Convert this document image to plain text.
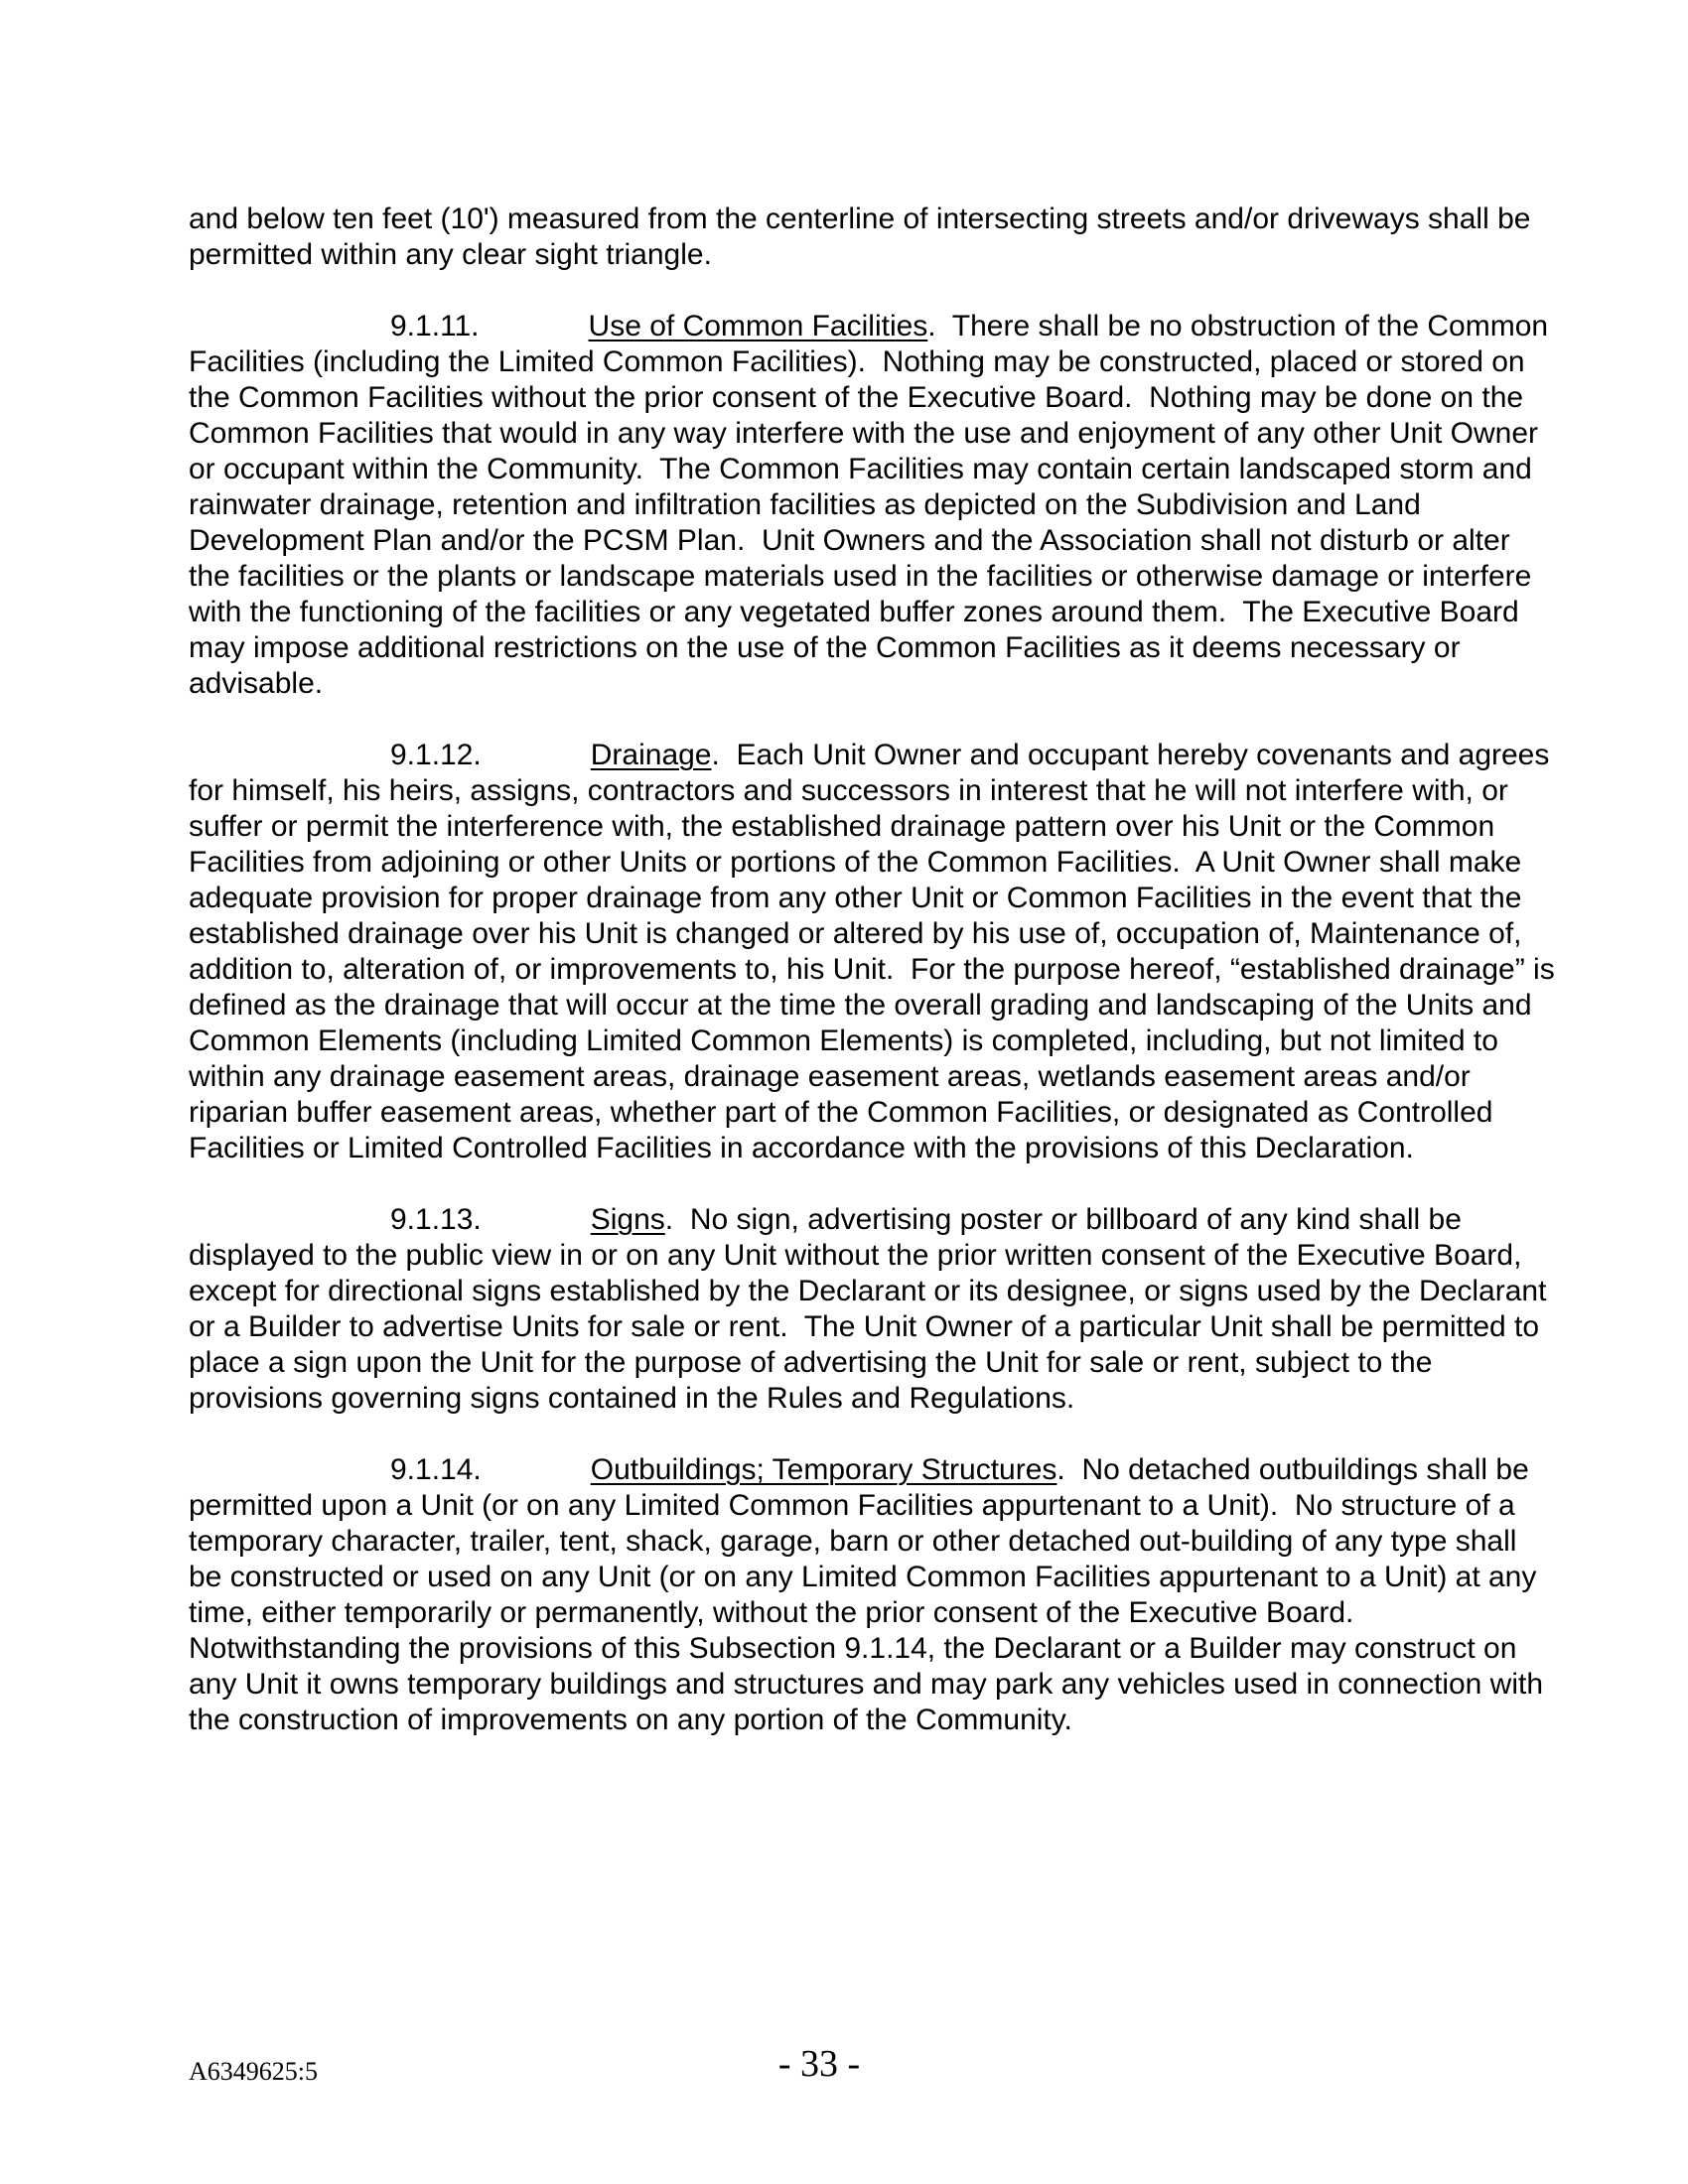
and below ten feet (10') measured from the centerline of intersecting streets and/or driveways shall be permitted within any clear sight triangle.

9.1.11.	Use of Common Facilities.  There shall be no obstruction of the Common Facilities (including the Limited Common Facilities).  Nothing may be constructed, placed or stored on the Common Facilities without the prior consent of the Executive Board.  Nothing may be done on the Common Facilities that would in any way interfere with the use and enjoyment of any other Unit Owner or occupant within the Community.  The Common Facilities may contain certain landscaped storm and rainwater drainage, retention and infiltration facilities as depicted on the Subdivision and Land Development Plan and/or the PCSM Plan.  Unit Owners and the Association shall not disturb or alter the facilities or the plants or landscape materials used in the facilities or otherwise damage or interfere with the functioning of the facilities or any vegetated buffer zones around them.  The Executive Board may impose additional restrictions on the use of the Common Facilities as it deems necessary or advisable.

9.1.12.	Drainage.  Each Unit Owner and occupant hereby covenants and agrees for himself, his heirs, assigns, contractors and successors in interest that he will not interfere with, or suffer or permit the interference with, the established drainage pattern over his Unit or the Common Facilities from adjoining or other Units or portions of the Common Facilities.  A Unit Owner shall make adequate provision for proper drainage from any other Unit or Common Facilities in the event that the established drainage over his Unit is changed or altered by his use of, occupation of, Maintenance of, addition to, alteration of, or improvements to, his Unit.  For the purpose hereof, “established drainage” is defined as the drainage that will occur at the time the overall grading and landscaping of the Units and Common Elements (including Limited Common Elements) is completed, including, but not limited to within any drainage easement areas, drainage easement areas, wetlands easement areas and/or riparian buffer easement areas, whether part of the Common Facilities, or designated as Controlled Facilities or Limited Controlled Facilities in accordance with the provisions of this Declaration.

9.1.13.	Signs.  No sign, advertising poster or billboard of any kind shall be displayed to the public view in or on any Unit without the prior written consent of the Executive Board, except for directional signs established by the Declarant or its designee, or signs used by the Declarant or a Builder to advertise Units for sale or rent.  The Unit Owner of a particular Unit shall be permitted to place a sign upon the Unit for the purpose of advertising the Unit for sale or rent, subject to the provisions governing signs contained in the Rules and Regulations.

9.1.14.	Outbuildings; Temporary Structures.  No detached outbuildings shall be permitted upon a Unit (or on any Limited Common Facilities appurtenant to a Unit).  No structure of a temporary character, trailer, tent, shack, garage, barn or other detached out-building of any type shall be constructed or used on any Unit (or on any Limited Common Facilities appurtenant to a Unit) at any time, either temporarily or permanently, without the prior consent of the Executive Board.  Notwithstanding the provisions of this Subsection 9.1.14, the Declarant or a Builder may construct on any Unit it owns temporary buildings and structures and may park any vehicles used in connection with the construction of improvements on any portion of the Community.

A6349625:5	- 33 -
